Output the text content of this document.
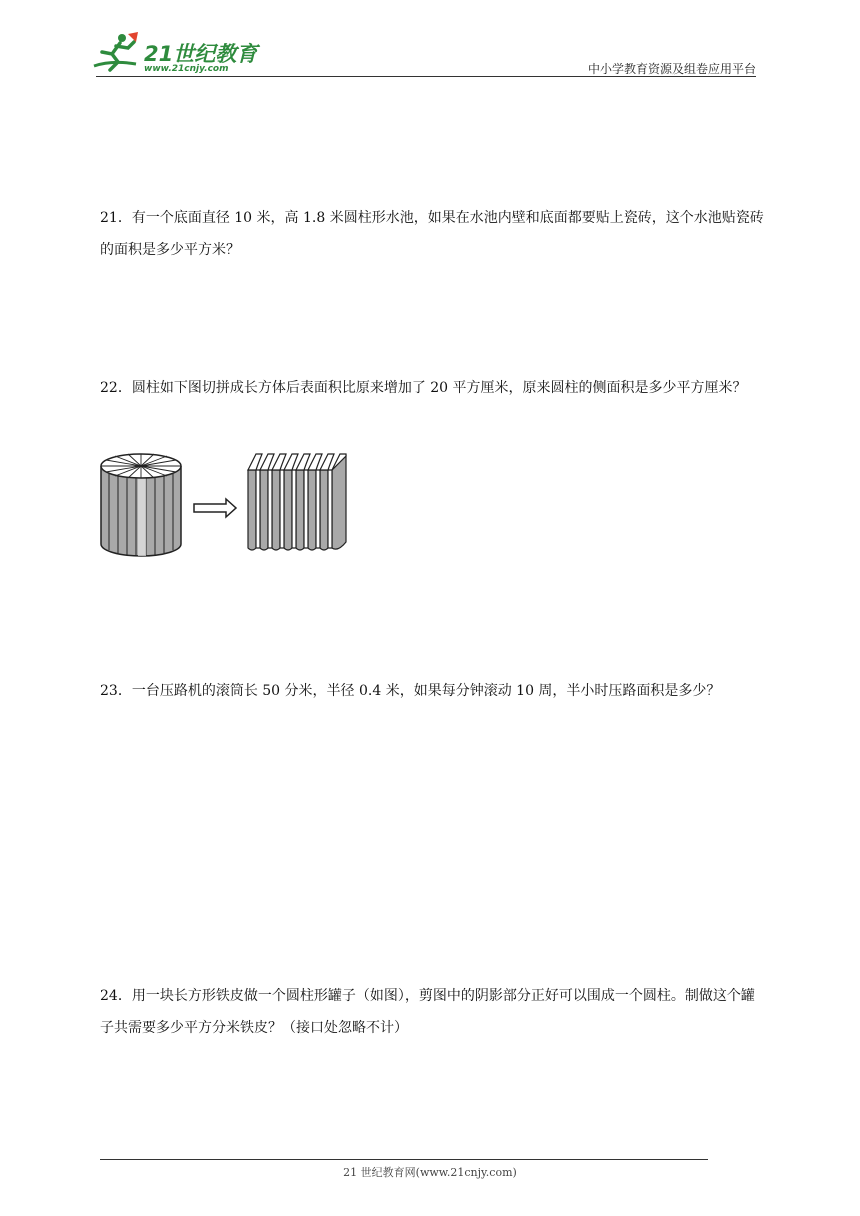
21世纪教育
www.21cnjy.com	中小学教育资源及组卷应用平台
21．有一个底面直径 10 米，高 1.8 米圆柱形水池，如果在水池内壁和底面都要贴上瓷砖，这个水池贴瓷砖的面积是多少平方米？
22．圆柱如下图切拼成长方体后表面积比原来增加了 20 平方厘米，原来圆柱的侧面积是多少平方厘米？
23．一台压路机的滚筒长 50 分米，半径 0.4 米，如果每分钟滚动 10 周，半小时压路面积是多少？
24．用一块长方形铁皮做一个圆柱形罐子（如图），剪图中的阴影部分正好可以围成一个圆柱。制做这个罐子共需要多少平方分米铁皮？（接口处忽略不计）
21 世纪教育网(www.21cnjy.com)
